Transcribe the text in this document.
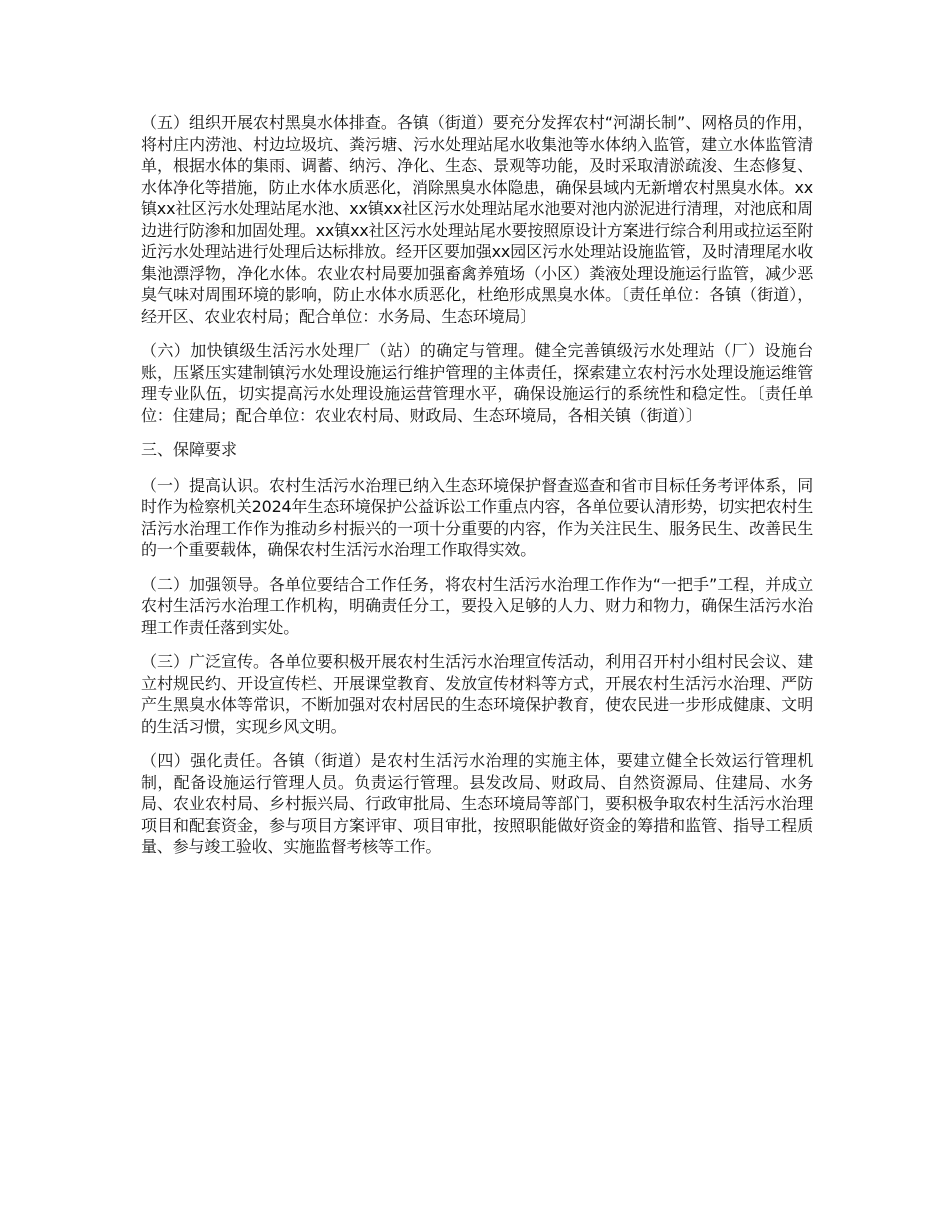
（五）组织开展农村黑臭水体排查。各镇（街道）要充分发挥农村“河湖长制”、网格员的作用，将村庄内涝池、村边垃圾坑、粪污塘、污水处理站尾水收集池等水体纳入监管，建立水体监管清单，根据水体的集雨、调蓄、纳污、净化、生态、景观等功能，及时采取清淤疏浚、生态修复、水体净化等措施，防止水体水质恶化，消除黑臭水体隐患，确保县域内无新增农村黑臭水体。xx镇xx社区污水处理站尾水池、xx镇xx社区污水处理站尾水池要对池内淤泥进行清理，对池底和周边进行防渗和加固处理。xx镇xx社区污水处理站尾水要按照原设计方案进行综合利用或拉运至附近污水处理站进行处理后达标排放。经开区要加强xx园区污水处理站设施监管，及时清理尾水收集池漂浮物，净化水体。农业农村局要加强畜禽养殖场（小区）粪液处理设施运行监管，减少恶臭气味对周围环境的影响，防止水体水质恶化，杜绝形成黑臭水体。〔责任单位：各镇（街道），经开区、农业农村局；配合单位：水务局、生态环境局〕

（六）加快镇级生活污水处理厂（站）的确定与管理。健全完善镇级污水处理站（厂）设施台账，压紧压实建制镇污水处理设施运行维护管理的主体责任，探索建立农村污水处理设施运维管理专业队伍，切实提高污水处理设施运营管理水平，确保设施运行的系统性和稳定性。〔责任单位：住建局；配合单位：农业农村局、财政局、生态环境局，各相关镇（街道）〕

三、保障要求

（一）提高认识。农村生活污水治理已纳入生态环境保护督查巡查和省市目标任务考评体系，同时作为检察机关2024年生态环境保护公益诉讼工作重点内容，各单位要认清形势，切实把农村生活污水治理工作作为推动乡村振兴的一项十分重要的内容，作为关注民生、服务民生、改善民生的一个重要载体，确保农村生活污水治理工作取得实效。

（二）加强领导。各单位要结合工作任务，将农村生活污水治理工作作为“一把手”工程，并成立农村生活污水治理工作机构，明确责任分工，要投入足够的人力、财力和物力，确保生活污水治理工作责任落到实处。

（三）广泛宣传。各单位要积极开展农村生活污水治理宣传活动，利用召开村小组村民会议、建立村规民约、开设宣传栏、开展课堂教育、发放宣传材料等方式，开展农村生活污水治理、严防产生黑臭水体等常识，不断加强对农村居民的生态环境保护教育，使农民进一步形成健康、文明的生活习惯，实现乡风文明。

（四）强化责任。各镇（街道）是农村生活污水治理的实施主体，要建立健全长效运行管理机制，配备设施运行管理人员。负责运行管理。县发改局、财政局、自然资源局、住建局、水务局、农业农村局、乡村振兴局、行政审批局、生态环境局等部门，要积极争取农村生活污水治理项目和配套资金，参与项目方案评审、项目审批，按照职能做好资金的筹措和监管、指导工程质量、参与竣工验收、实施监督考核等工作。
